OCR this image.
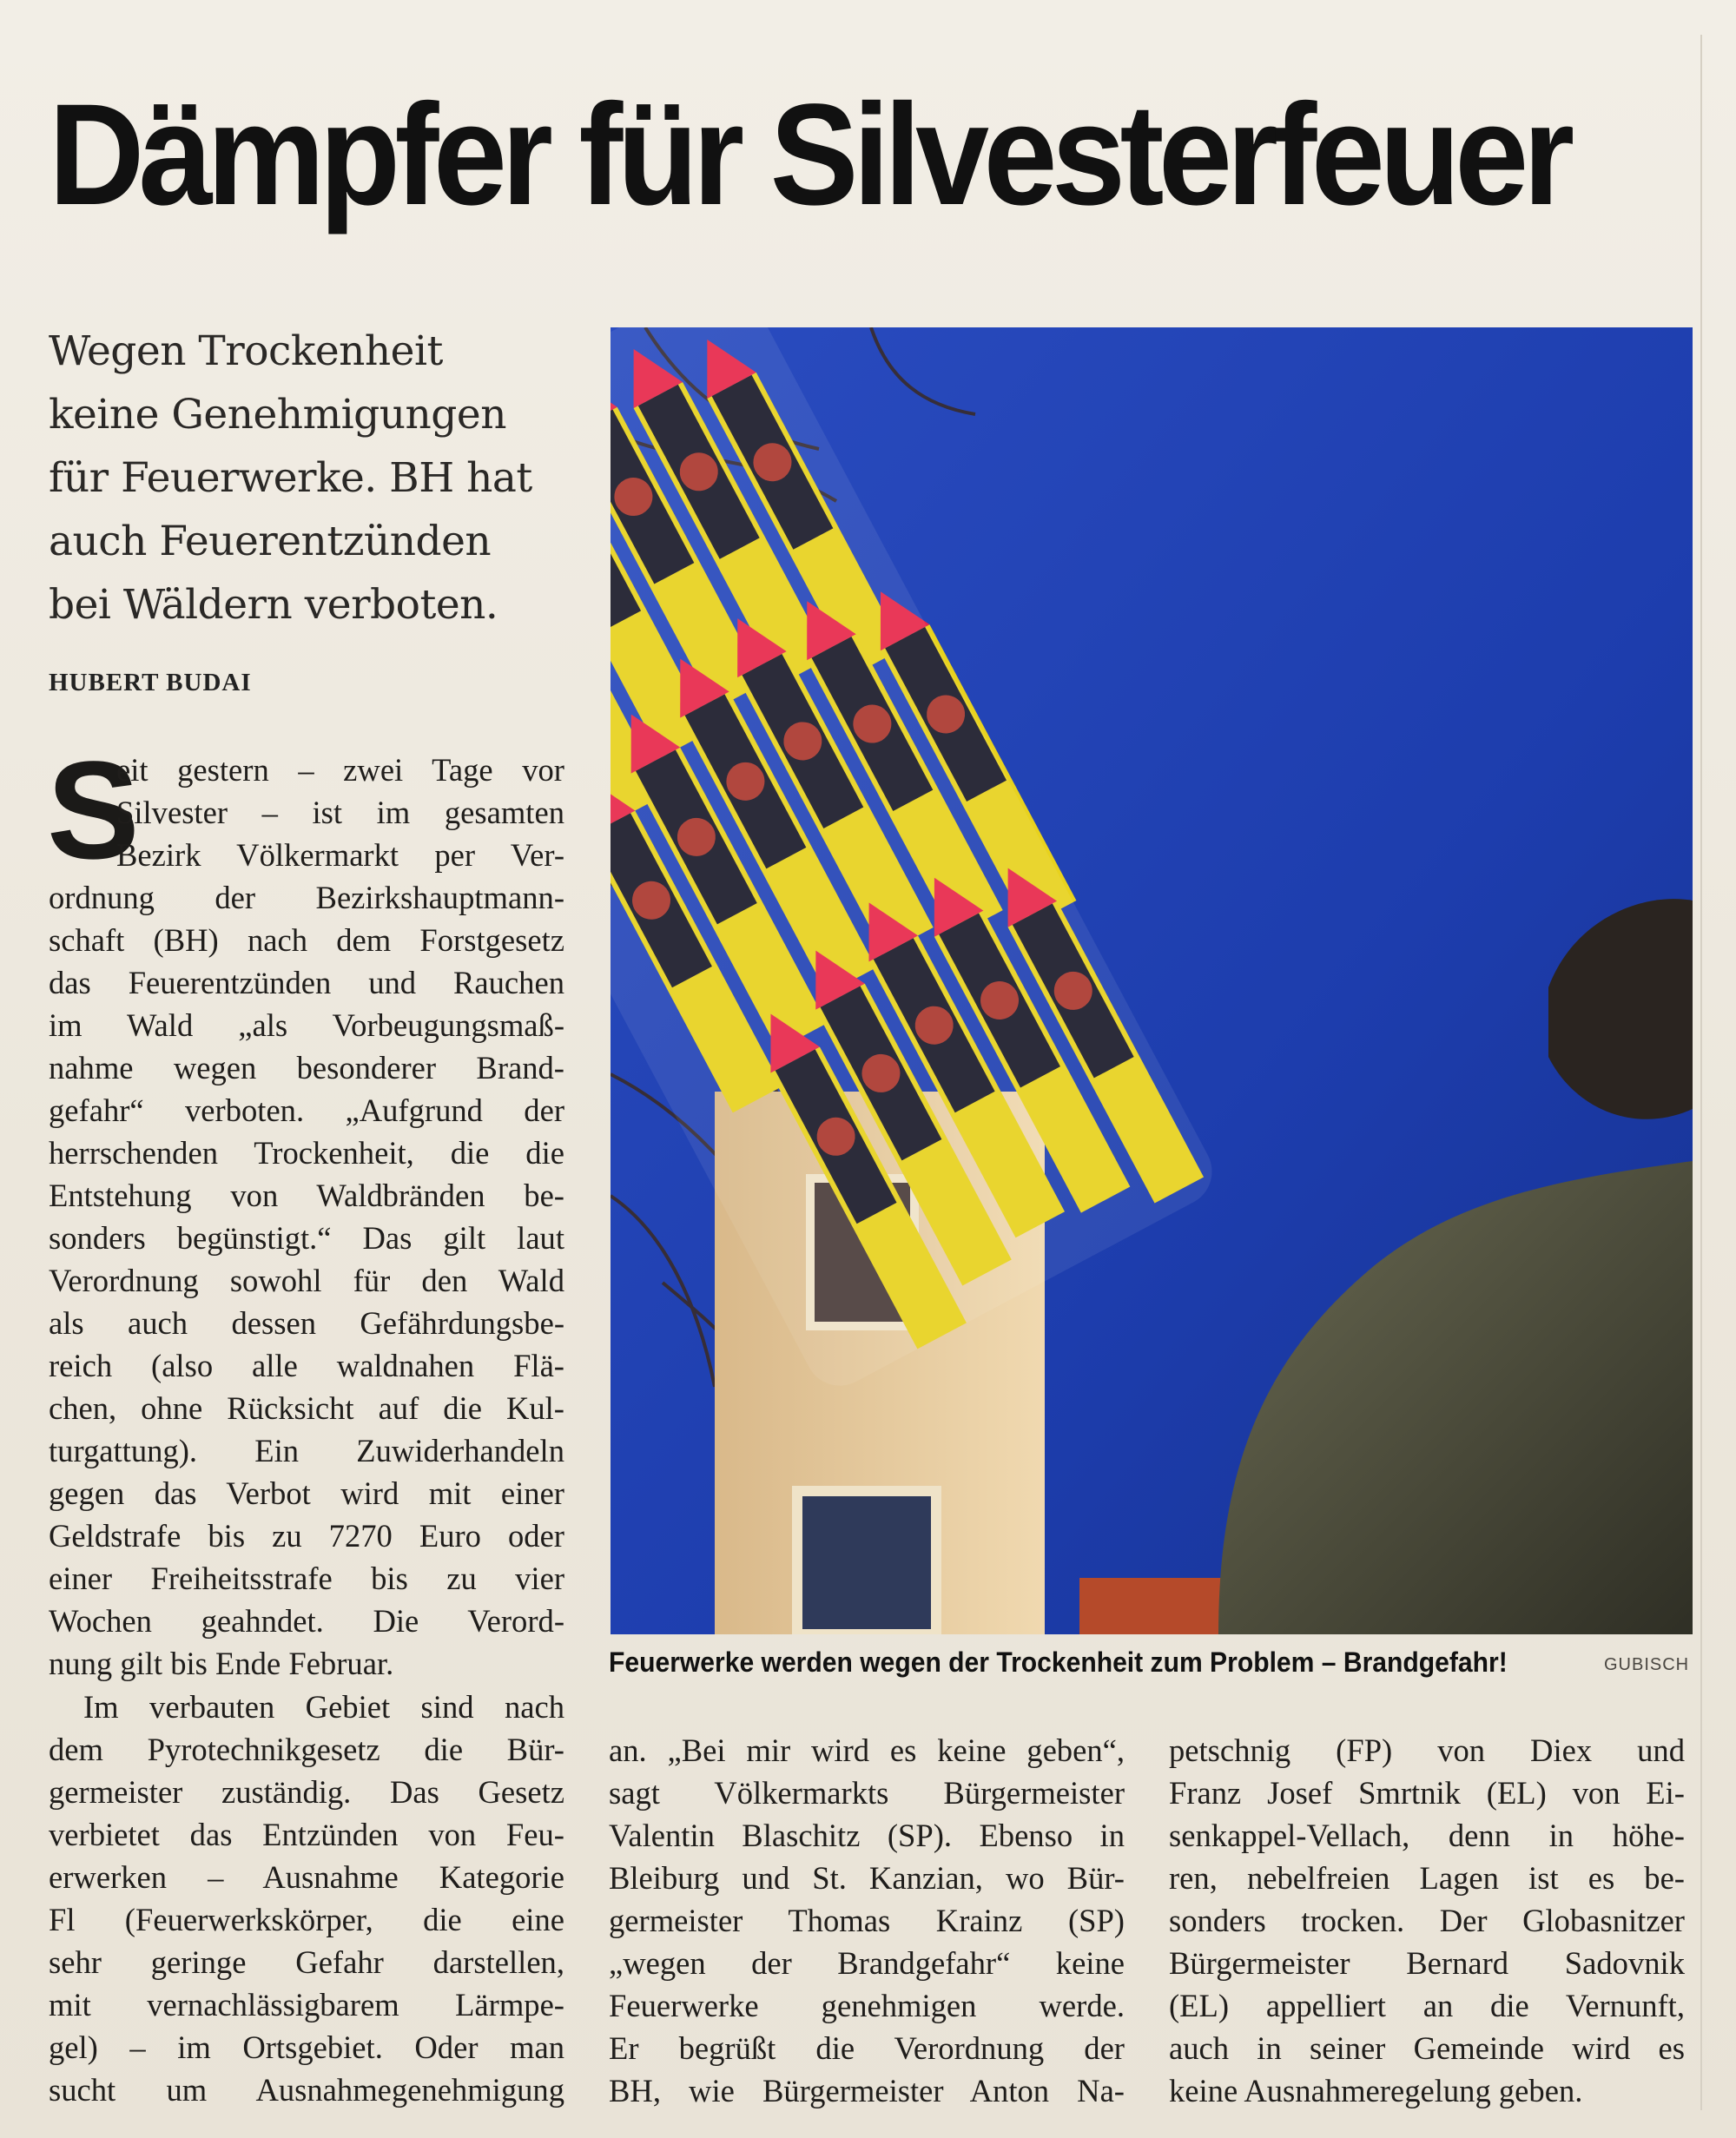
Dämpfer für Silvesterfeuer
Wegen Trockenheit
keine Genehmigungen
für Feuerwerke. BH hat
auch Feuerentzünden
bei Wäldern verboten.
HUBERT BUDAI
S
eit gestern – zwei Tage vor
Silvester – ist im gesamten
Bezirk Völkermarkt per Ver-
ordnung der Bezirkshauptmann-
schaft (BH) nach dem Forstgesetz
das Feuerentzünden und Rauchen
im Wald „als Vorbeugungsmaß-
nahme wegen besonderer Brand-
gefahr“ verboten. „Aufgrund der
herrschenden Trockenheit, die die
Entstehung von Waldbränden be-
sonders begünstigt.“ Das gilt laut
Verordnung sowohl für den Wald
als auch dessen Gefährdungsbe-
reich (also alle waldnahen Flä-
chen, ohne Rücksicht auf die Kul-
turgattung). Ein Zuwiderhandeln
gegen das Verbot wird mit einer
Geldstrafe bis zu 7270 Euro oder
einer Freiheitsstrafe bis zu vier
Wochen geahndet. Die Verord-
nung gilt bis Ende Februar.
Im verbauten Gebiet sind nach
dem Pyrotechnikgesetz die Bür-
germeister zuständig. Das Gesetz
verbietet das Entzünden von Feu-
erwerken – Ausnahme Kategorie
Fl (Feuerwerkskörper, die eine
sehr geringe Gefahr darstellen,
mit vernachlässigbarem Lärmpe-
gel) – im Ortsgebiet. Oder man
sucht um Ausnahmegenehmigung
Feuerwerke werden wegen der Trockenheit zum Problem – Brandgefahr!	GUBISCH
an. „Bei mir wird es keine geben“,
sagt Völkermarkts Bürgermeister
Valentin Blaschitz (SP). Ebenso in
Bleiburg und St. Kanzian, wo Bür-
germeister Thomas Krainz (SP)
„wegen der Brandgefahr“ keine
Feuerwerke genehmigen werde.
Er begrüßt die Verordnung der
BH, wie Bürgermeister Anton Na-
petschnig (FP) von Diex und
Franz Josef Smrtnik (EL) von Ei-
senkappel-Vellach, denn in höhe-
ren, nebelfreien Lagen ist es be-
sonders trocken. Der Globasnitzer
Bürgermeister Bernard Sadovnik
(EL) appelliert an die Vernunft,
auch in seiner Gemeinde wird es
keine Ausnahmeregelung geben.
